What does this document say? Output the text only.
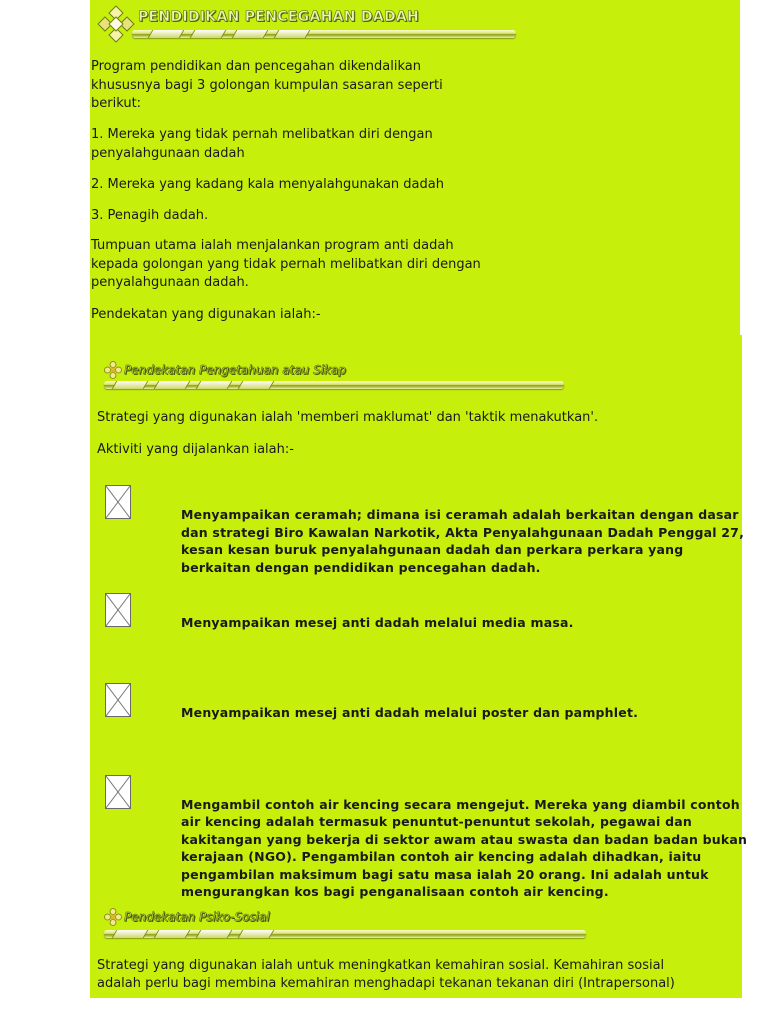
PENDIDIKAN PENCEGAHAN DADAH

Program pendidikan dan pencegahan dikendalikan

khususnya bagi 3 golongan kumpulan sasaran seperti

berikut:

1. Mereka yang tidak pernah melibatkan diri dengan

penyalahgunaan dadah

2. Mereka yang kadang kala menyalahgunakan dadah

3. Penagih dadah.

Tumpuan utama ialah menjalankan program anti dadah

kepada golongan yang tidak pernah melibatkan diri dengan

penyalahgunaan dadah.

Pendekatan yang digunakan ialah:-

Pendekatan Pengetahuan atau Sikap

Strategi yang digunakan ialah 'memberi maklumat' dan 'taktik menakutkan'.

Aktiviti yang dijalankan ialah:-

Menyampaikan ceramah; dimana isi ceramah adalah berkaitan dengan dasar

dan strategi Biro Kawalan Narkotik, Akta Penyalahgunaan Dadah Penggal 27,

kesan kesan buruk penyalahgunaan dadah dan perkara perkara yang

berkaitan dengan pendidikan pencegahan dadah.

Menyampaikan mesej anti dadah melalui media masa.

Menyampaikan mesej anti dadah melalui poster dan pamphlet.

Mengambil contoh air kencing secara mengejut. Mereka yang diambil contoh

air kencing adalah termasuk penuntut-penuntut sekolah, pegawai dan

kakitangan yang bekerja di sektor awam atau swasta dan badan badan bukan

kerajaan (NGO). Pengambilan contoh air kencing adalah dihadkan, iaitu

pengambilan maksimum bagi satu masa ialah 20 orang. Ini adalah untuk

mengurangkan kos bagi penganalisaan contoh air kencing.

Pendekatan Psiko-Sosial

Strategi yang digunakan ialah untuk meningkatkan kemahiran sosial. Kemahiran sosial

adalah perlu bagi membina kemahiran menghadapi tekanan tekanan diri (Intrapersonal)
